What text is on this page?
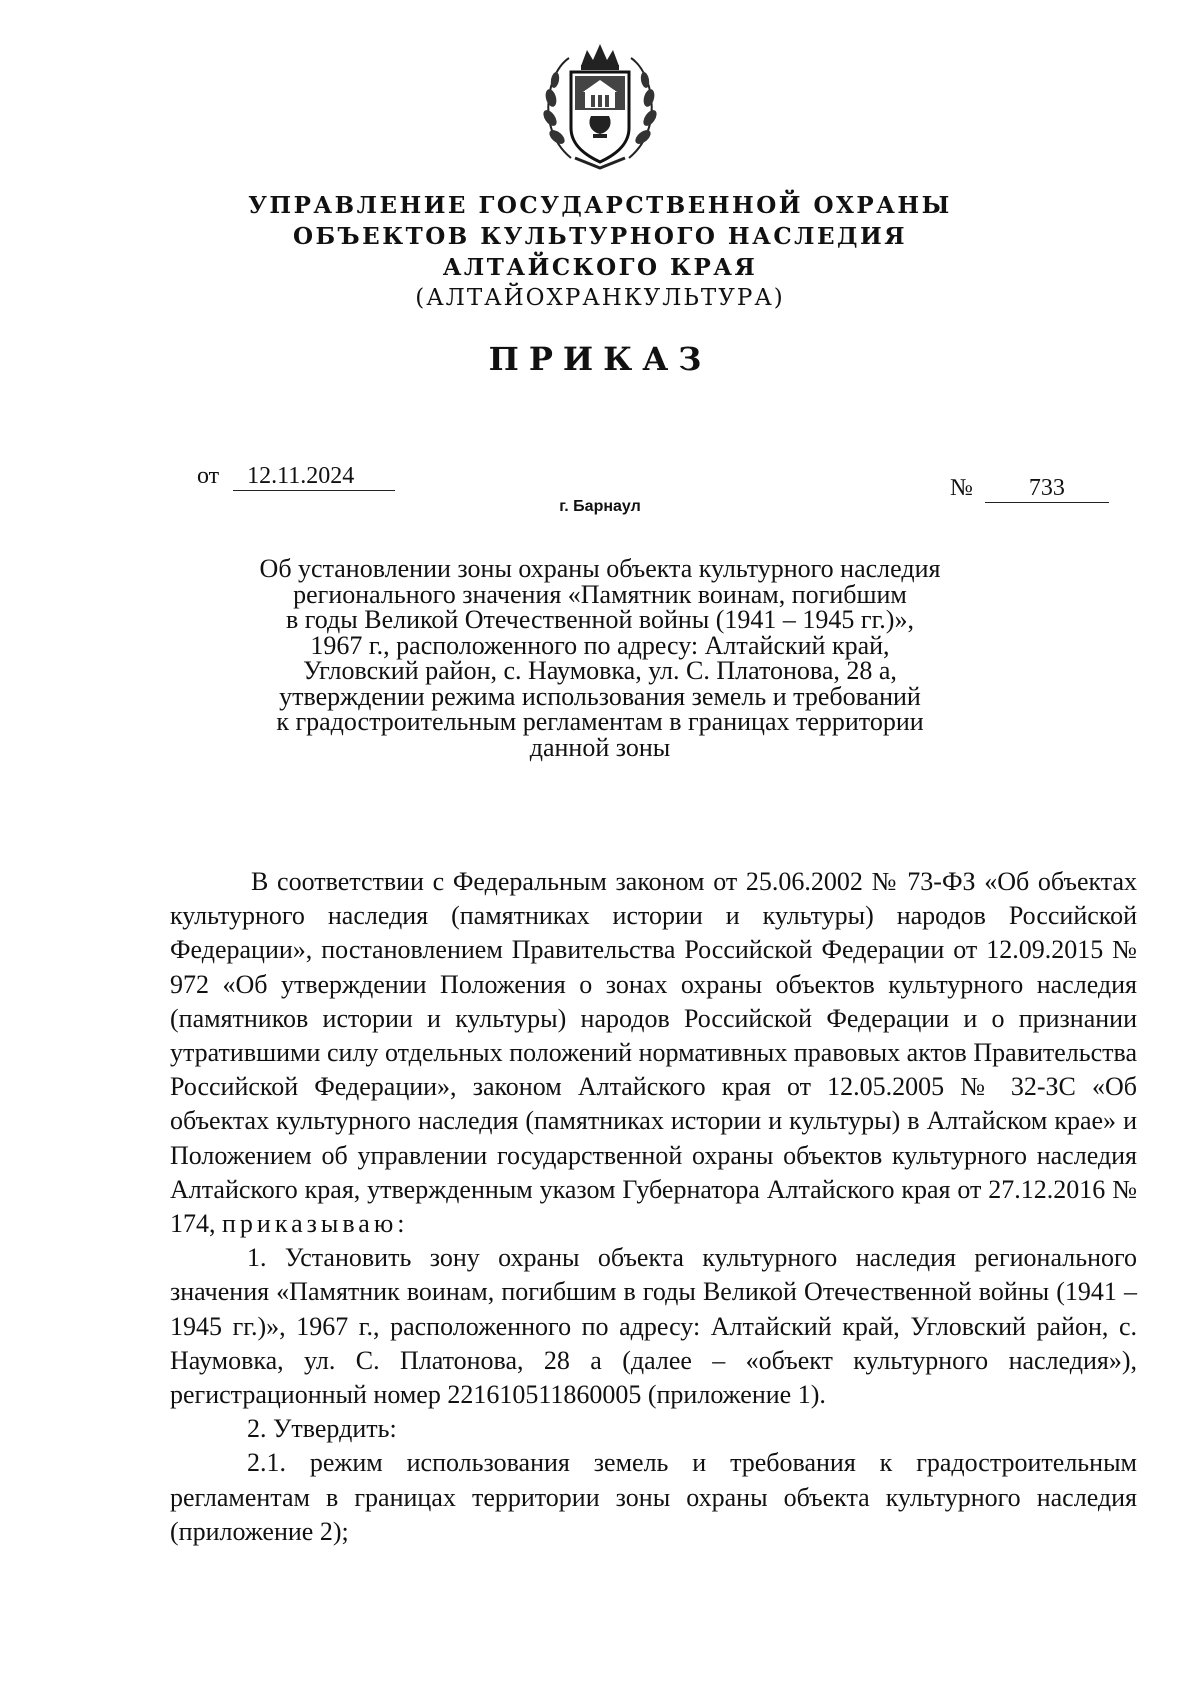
УПРАВЛЕНИЕ ГОСУДАРСТВЕННОЙ ОХРАНЫ
ОБЪЕКТОВ КУЛЬТУРНОГО НАСЛЕДИЯ
АЛТАЙСКОГО КРАЯ
(АЛТАЙОХРАНКУЛЬТУРА)
ПРИКАЗ
от 12.11.2024	№ 733
г. Барнаул
Об установлении зоны охраны объекта культурного наследия
регионального значения «Памятник воинам, погибшим
в годы Великой Отечественной войны (1941 – 1945 гг.)»,
1967 г., расположенного по адресу: Алтайский край,
Угловский район, с. Наумовка, ул. С. Платонова, 28 а,
утверждении режима использования земель и требований
к градостроительным регламентам в границах территории
данной зоны

В соответствии с Федеральным законом от 25.06.2002 № 73-ФЗ «Об объектах культурного наследия (памятниках истории и культуры) народов Российской Федерации», постановлением Правительства Российской Федерации от 12.09.2015 № 972 «Об утверждении Положения о зонах охраны объектов культурного наследия (памятников истории и культуры) народов Российской Федерации и о признании утратившими силу отдельных положений нормативных правовых актов Правительства Российской Федерации», законом Алтайского края от 12.05.2005 № 32-ЗС «Об объектах культурного наследия (памятниках истории и культуры) в Алтайском крае» и Положением об управлении государственной охраны объектов культурного наследия Алтайского края, утвержденным указом Губернатора Алтайского края от 27.12.2016 № 174, приказываю:

1. Установить зону охраны объекта культурного наследия регионального значения «Памятник воинам, погибшим в годы Великой Отечественной войны (1941 – 1945 гг.)», 1967 г., расположенного по адресу: Алтайский край, Угловский район, с. Наумовка, ул. С. Платонова, 28 а (далее – «объект культурного наследия»), регистрационный номер 221610511860005 (приложение 1).

2. Утвердить:

2.1. режим использования земель и требования к градостроительным регламентам в границах территории зоны охраны объекта культурного наследия (приложение 2);
